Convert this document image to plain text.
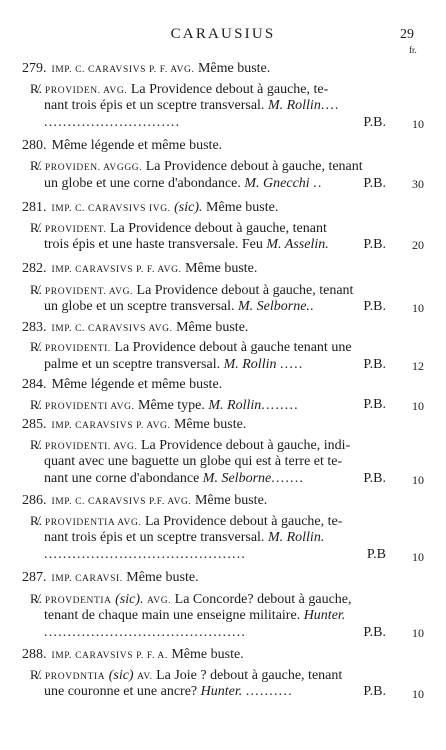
CARAUSIUS	29
fr.
279. IMP. C. CARAVSIVS P. F. AVG. Même buste.
R̸. PROVIDEN. AVG. La Providence debout à gauche, te-
nant trois épis et un sceptre transversal. M. Rollin....
.............................	P.B.	10
280. Même légende et même buste.
R̸. PROVIDEN. AVGGG. La Providence debout à gauche, tenant
un globe et une corne d'abondance. M. Gnecchi ..	P.B.	30
281. IMP. C. CARAVSIVS IVG. (sic). Même buste.
R̸. PROVIDENT. La Providence debout à gauche, tenant
trois épis et une haste transversale. Feu M. Asselin. P.B.	20
282. IMP. CARAVSIVS P. F. AVG. Même buste.
R̸. PROVIDENT. AVG. La Providence debout à gauche, tenant
un globe et un sceptre transversal. M. Selborne..	P.B.	10
283. IMP. C. CARAVSIVS AVG. Même buste.
R̸. PROVIDENTI. La Providence debout à gauche tenant une
palme et un sceptre transversal. M. Rollin .....	P.B.	12
284. Même légende et même buste.
R̸. PROVIDENTI AVG. Même type. M. Rollin........	P.B.	10
285. IMP. CARAVSIVS P. AVG. Même buste.
R̸. PROVIDENTI. AVG. La Providence debout à gauche, indi-
quant avec une baguette un globe qui est à terre et te-
nant une corne d'abondance M. Selborne.......	P.B.	10
286. IMP. C. CARAVSIVS P.F. AVG. Même buste.
R̸. PROVIDENTIA AVG. La Providence debout à gauche, te-
nant trois épis et un sceptre transversal. M. Rollin.
...........................................	P.B	10
287. IMP. CARAVSI. Même buste.
R̸. PROVDENTIA (sic). AVG. La Concorde? debout à gauche,
tenant de chaque main une enseigne militaire. Hunter.
...........................................	P.B.	10
288. IMP. CARAVSIVS P. F. A. Même buste.
R̸. PROVDNTIA (sic) AV. La Joie ? debout à gauche, tenant
une couronne et une ancre? Hunter. ..........	P.B.	10
